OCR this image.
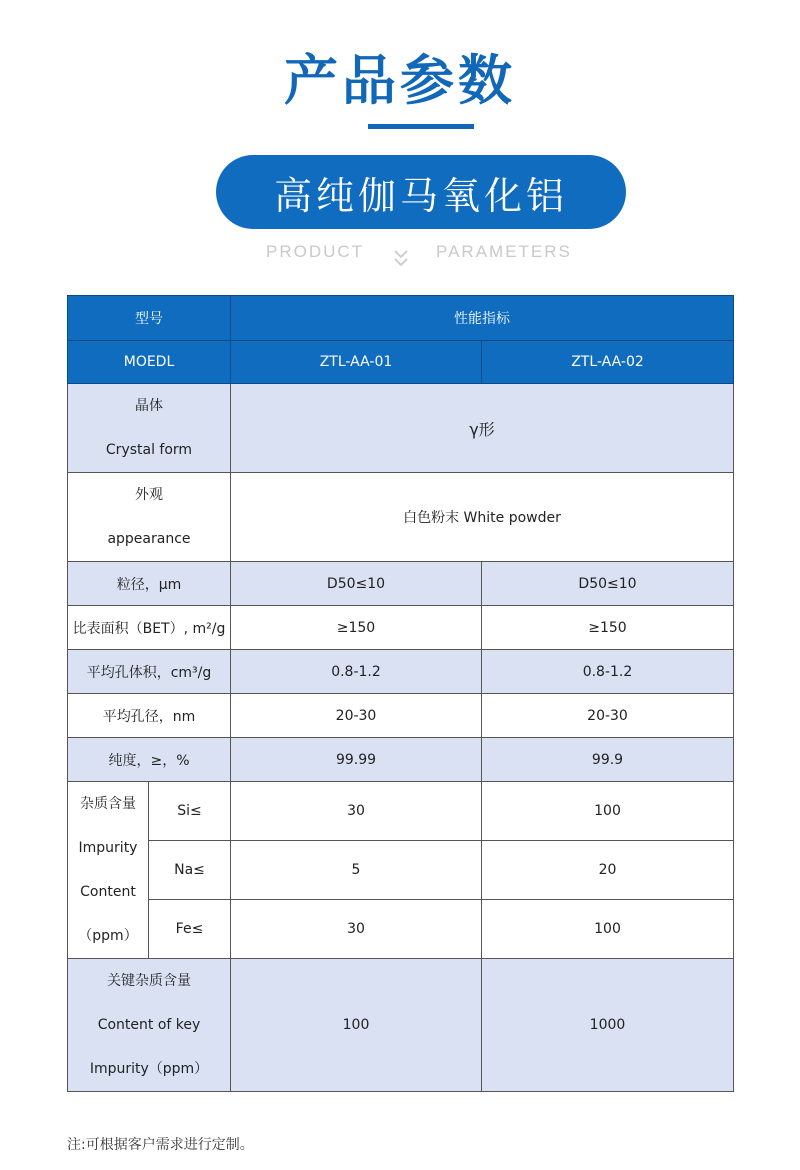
产品参数
高纯伽马氧化铝
PRODUCT	PARAMETERS
型号		性能指标	
MOEDL		ZTL-AA-01	ZTL-AA-02

晶体
Crystal form		γ形	

外观
appearance		白色粉末 White powder	
粒径，μm		D50≤10	D50≤10
比表面积（BET）, m²/g		≥150	≥150
平均孔体积，cm³/g		0.8-1.2	0.8-1.2
平均孔径，nm		20-30	20-30
纯度，≥，%		99.99	99.9

杂质含量
Impurity
Content
（ppm）	Si≤	30	100
	Na≤	5	20
	Fe≤	30	100

关键杂质含量
Content of key
Impurity（ppm）		100	1000
注:可根据客户需求进行定制。
